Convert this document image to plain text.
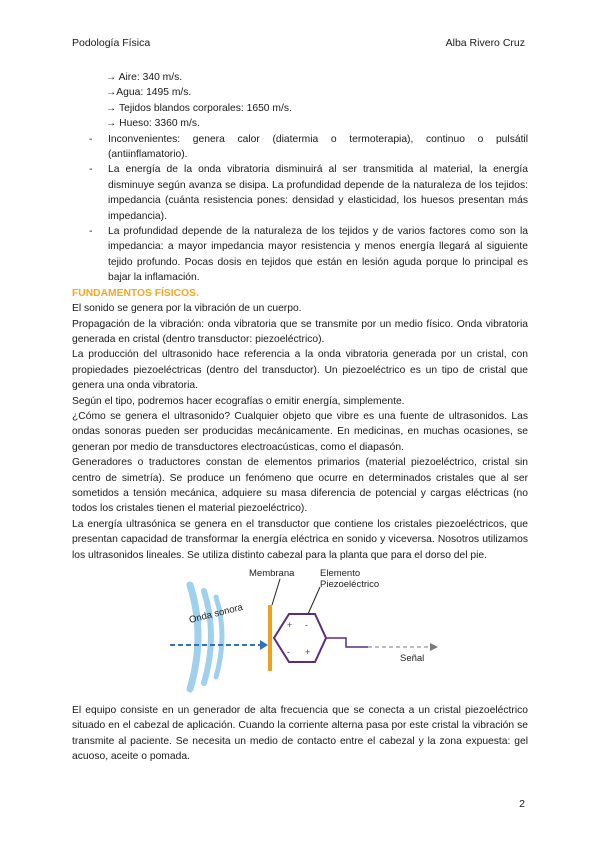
Podología Física	Alba Rivero Cruz
→ Aire: 340 m/s.
→Agua: 1495 m/s.
→ Tejidos blandos corporales: 1650 m/s.
→ Hueso: 3360 m/s.
- Inconvenientes: genera calor (diatermia o termoterapia), continuo o pulsátil (antiinflamatorio).
- La energía de la onda vibratoria disminuirá al ser transmitida al material, la energía disminuye según avanza se disipa. La profundidad depende de la naturaleza de los tejidos: impedancia (cuánta resistencia pones: densidad y elasticidad, los huesos presentan más impedancia).
- La profundidad depende de la naturaleza de los tejidos y de varios factores como son la impedancia: a mayor impedancia mayor resistencia y menos energía llegará al siguiente tejido profundo. Pocas dosis en tejidos que están en lesión aguda porque lo principal es bajar la inflamación.
FUNDAMENTOS FÍSICOS.

El sonido se genera por la vibración de un cuerpo.

Propagación de la vibración: onda vibratoria que se transmite por un medio físico. Onda vibratoria generada en cristal (dentro transductor: piezoeléctrico).

La producción del ultrasonido hace referencia a la onda vibratoria generada por un cristal, con propiedades piezoeléctricas (dentro del transductor). Un piezoeléctrico es un tipo de cristal que genera una onda vibratoria.

Según el tipo, podremos hacer ecografías o emitir energía, simplemente.

¿Cómo se genera el ultrasonido? Cualquier objeto que vibre es una fuente de ultrasonidos. Las ondas sonoras pueden ser producidas mecánicamente. En medicinas, en muchas ocasiones, se generan por medio de transductores electroacústicas, como el diapasón.

Generadores o traductores constan de elementos primarios (material piezoeléctrico, cristal sin centro de simetría). Se produce un fenómeno que ocurre en determinados cristales que al ser sometidos a tensión mecánica, adquiere su masa diferencia de potencial y cargas eléctricas (no todos los cristales tienen el material piezoeléctrico).

La energía ultrasónica se genera en el transductor que contiene los cristales piezoeléctricos, que presentan capacidad de transformar la energía eléctrica en sonido y viceversa. Nosotros utilizamos los ultrasonidos lineales. Se utiliza distinto cabezal para la planta que para el dorso del pie.

+ -
- +
Membrana	Elemento
Piezoeléctrico
Onda sonora
Señal

El equipo consiste en un generador de alta frecuencia que se conecta a un cristal piezoeléctrico situado en el cabezal de aplicación. Cuando la corriente alterna pasa por este cristal la vibración se transmite al paciente. Se necesita un medio de contacto entre el cabezal y la zona expuesta: gel acuoso, aceite o pomada.

2
